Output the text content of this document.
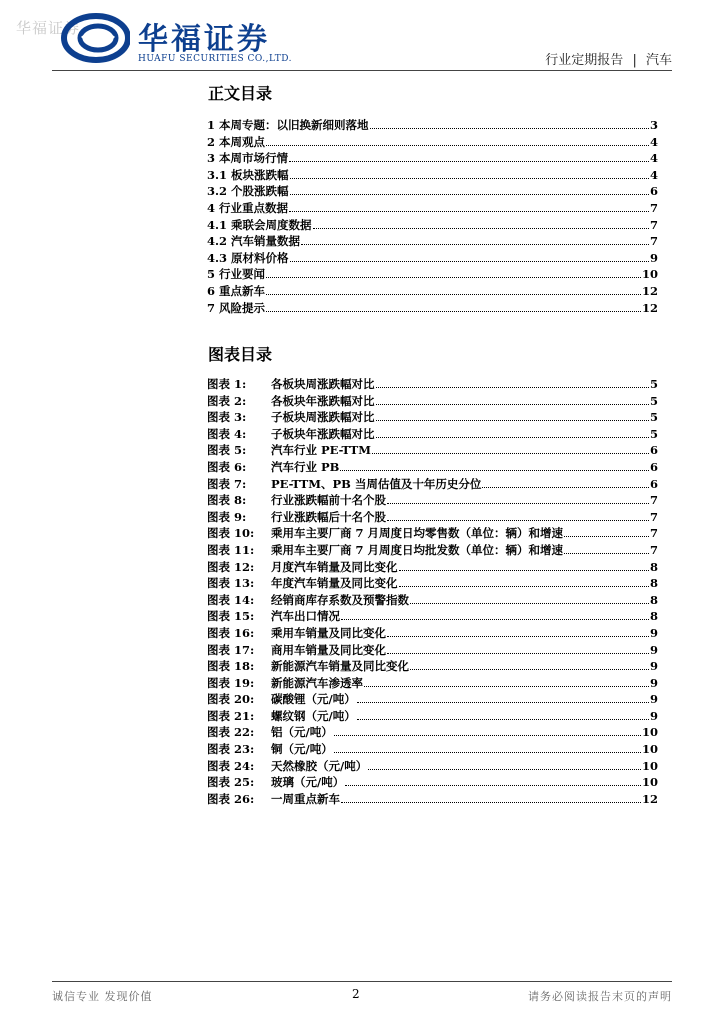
华福证券 华福证券
HUAFU SECURITIES CO.,LTD.	行业定期报告 | 汽车
正文目录
1 本周专题：以旧换新细则落地	3
2 本周观点	4
3 本周市场行情	4
3.1 板块涨跌幅	4
3.2 个股涨跌幅	6
4 行业重点数据	7
4.1 乘联会周度数据	7
4.2 汽车销量数据	7
4.3 原材料价格	9
5 行业要闻	10
6 重点新车	12
7 风险提示	12
图表目录
图表 1: 各板块周涨跌幅对比	5
图表 2: 各板块年涨跌幅对比	5
图表 3: 子板块周涨跌幅对比	5
图表 4: 子板块年涨跌幅对比	5
图表 5: 汽车行业 PE-TTM	6
图表 6: 汽车行业 PB	6
图表 7: PE-TTM、PB 当周估值及十年历史分位	6
图表 8: 行业涨跌幅前十名个股	7
图表 9: 行业涨跌幅后十名个股	7
图表 10: 乘用车主要厂商 7 月周度日均零售数（单位：辆）和增速	7
图表 11: 乘用车主要厂商 7 月周度日均批发数（单位：辆）和增速	7
图表 12: 月度汽车销量及同比变化	8
图表 13: 年度汽车销量及同比变化	8
图表 14: 经销商库存系数及预警指数	8
图表 15: 汽车出口情况	8
图表 16: 乘用车销量及同比变化	9
图表 17: 商用车销量及同比变化	9
图表 18: 新能源汽车销量及同比变化	9
图表 19: 新能源汽车渗透率	9
图表 20: 碳酸锂（元/吨）	9
图表 21: 螺纹钢（元/吨）	9
图表 22: 铝（元/吨）	10
图表 23: 铜（元/吨）	10
图表 24: 天然橡胶（元/吨）	10
图表 25: 玻璃（元/吨）	10
图表 26: 一周重点新车	12
诚信专业 发现价值	2	请务必阅读报告末页的声明
